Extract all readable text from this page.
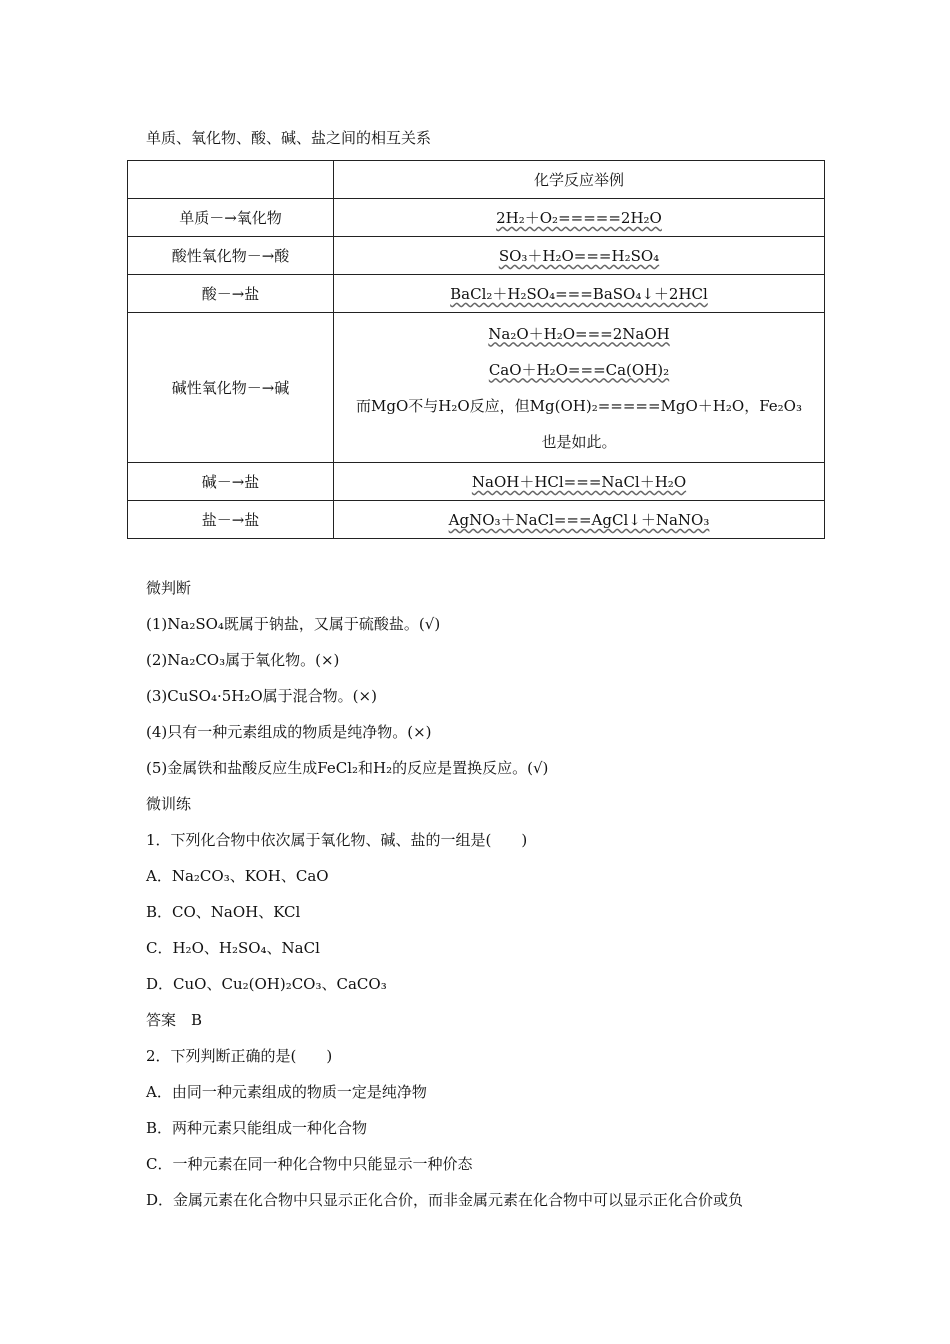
单质、氧化物、酸、碱、盐之间的相互关系
	化学反应举例
单质－→氧化物	2H₂＋O₂=====2H₂O
酸性氧化物－→酸	SO₃＋H₂O===H₂SO₄
酸－→盐	BaCl₂＋H₂SO₄===BaSO₄↓＋2HCl
碱性氧化物－→碱	Na₂O＋H₂O===2NaOH
CaO＋H₂O===Ca(OH)₂
而MgO不与H₂O反应，但Mg(OH)₂=====MgO＋H₂O，Fe₂O₃也是如此。

碱－→盐	NaOH＋HCl===NaCl＋H₂O
盐－→盐	AgNO₃＋NaCl===AgCl↓＋NaNO₃
微判断
(1)Na₂SO₄既属于钠盐，又属于硫酸盐。(√)
(2)Na₂CO₃属于氧化物。(×)
(3)CuSO₄·5H₂O属于混合物。(×)
(4)只有一种元素组成的物质是纯净物。(×)
(5)金属铁和盐酸反应生成FeCl₂和H₂的反应是置换反应。(√)
微训练
1．下列化合物中依次属于氧化物、碱、盐的一组是(　　)
A．Na₂CO₃、KOH、CaO
B．CO、NaOH、KCl
C．H₂O、H₂SO₄、NaCl
D．CuO、Cu₂(OH)₂CO₃、CaCO₃
答案　B
2．下列判断正确的是(　　)
A．由同一种元素组成的物质一定是纯净物
B．两种元素只能组成一种化合物
C．一种元素在同一种化合物中只能显示一种价态
D．金属元素在化合物中只显示正化合价，而非金属元素在化合物中可以显示正化合价或负
